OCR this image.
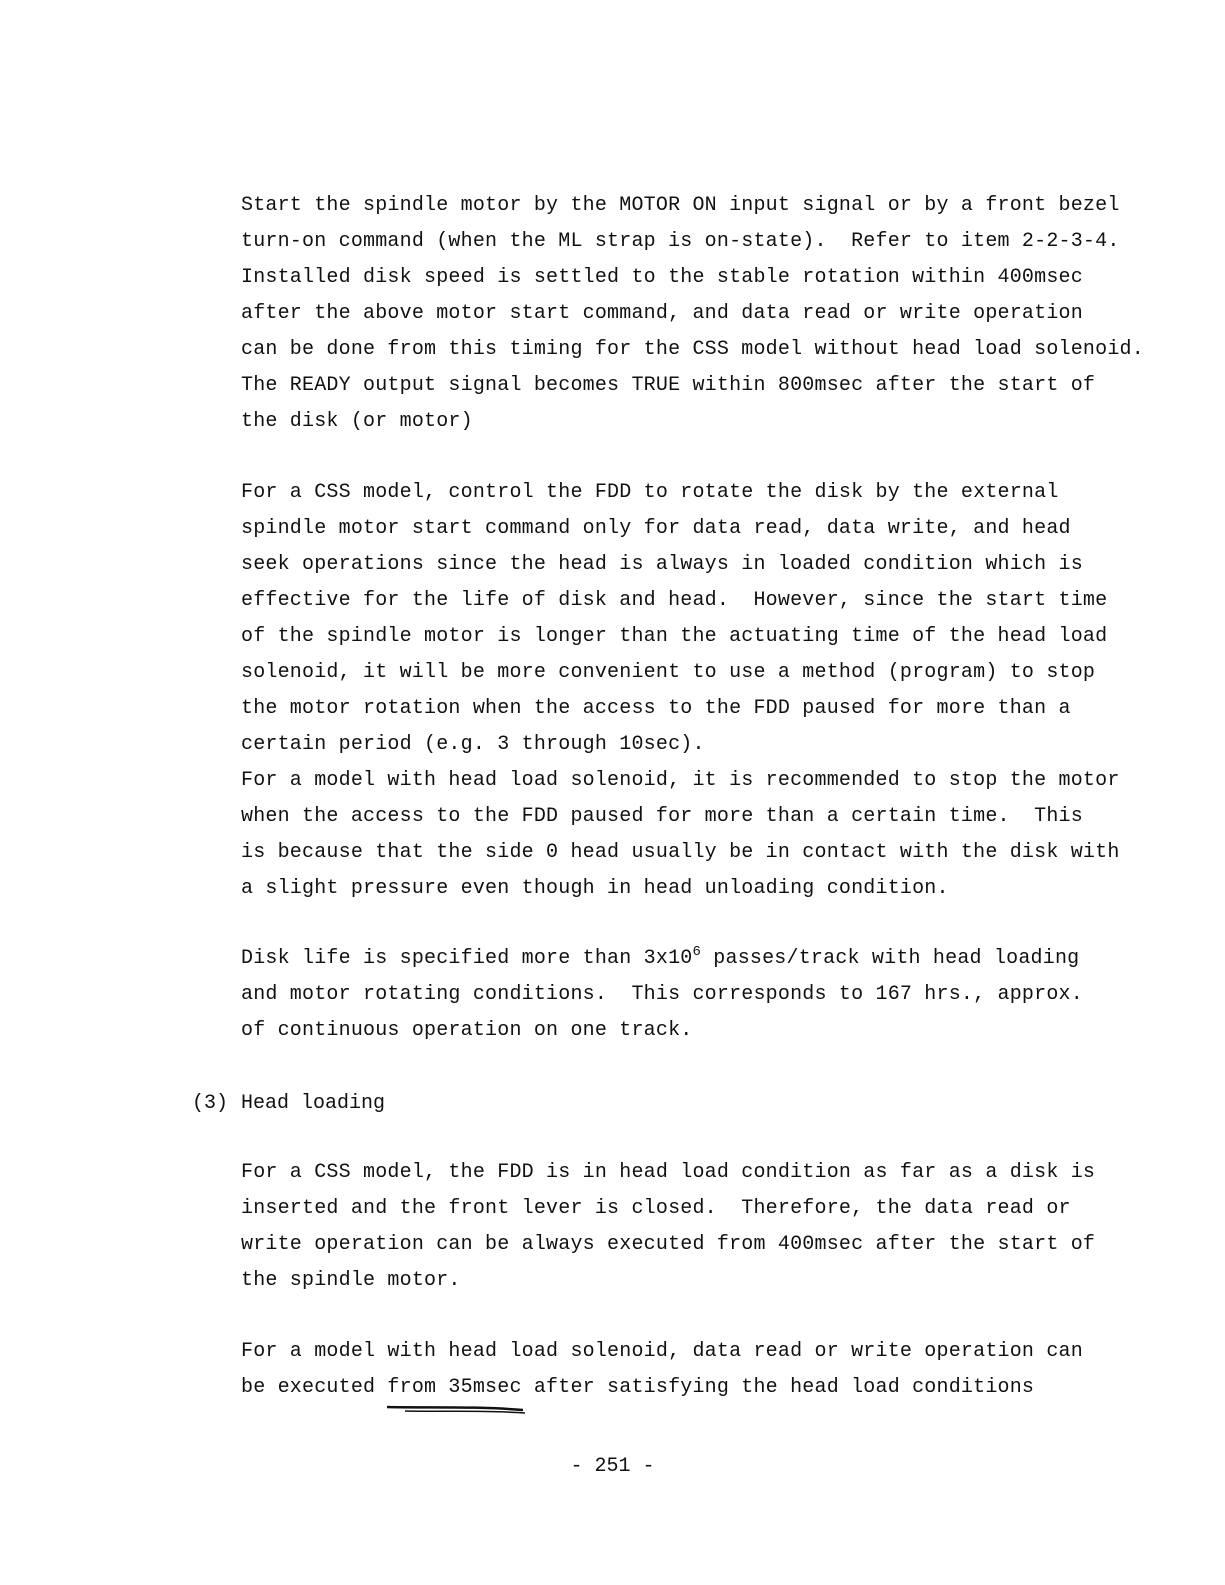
Start the spindle motor by the MOTOR ON input signal or by a front bezel
turn-on command (when the ML strap is on-state).  Refer to item 2-2-3-4.
Installed disk speed is settled to the stable rotation within 400msec
after the above motor start command, and data read or write operation
can be done from this timing for the CSS model without head load solenoid.
The READY output signal becomes TRUE within 800msec after the start of
the disk (or motor)
For a CSS model, control the FDD to rotate the disk by the external
spindle motor start command only for data read, data write, and head
seek operations since the head is always in loaded condition which is
effective for the life of disk and head.  However, since the start time
of the spindle motor is longer than the actuating time of the head load
solenoid, it will be more convenient to use a method (program) to stop
the motor rotation when the access to the FDD paused for more than a
certain period (e.g. 3 through 10sec).
For a model with head load solenoid, it is recommended to stop the motor
when the access to the FDD paused for more than a certain time.  This
is because that the side 0 head usually be in contact with the disk with
a slight pressure even though in head unloading condition.
Disk life is specified more than $3x10^6$ passes/track with head loading
and motor rotating conditions.  This corresponds to 167 hrs., approx.
of continuous operation on one track.
(3) Head loading
For a CSS model, the FDD is in head load condition as far as a disk is
inserted and the front lever is closed.  Therefore, the data read or
write operation can be always executed from 400msec after the start of
the spindle motor.
For a model with head load solenoid, data read or write operation can
be executed from 35msec after satisfying the head load conditions
- 251 -
